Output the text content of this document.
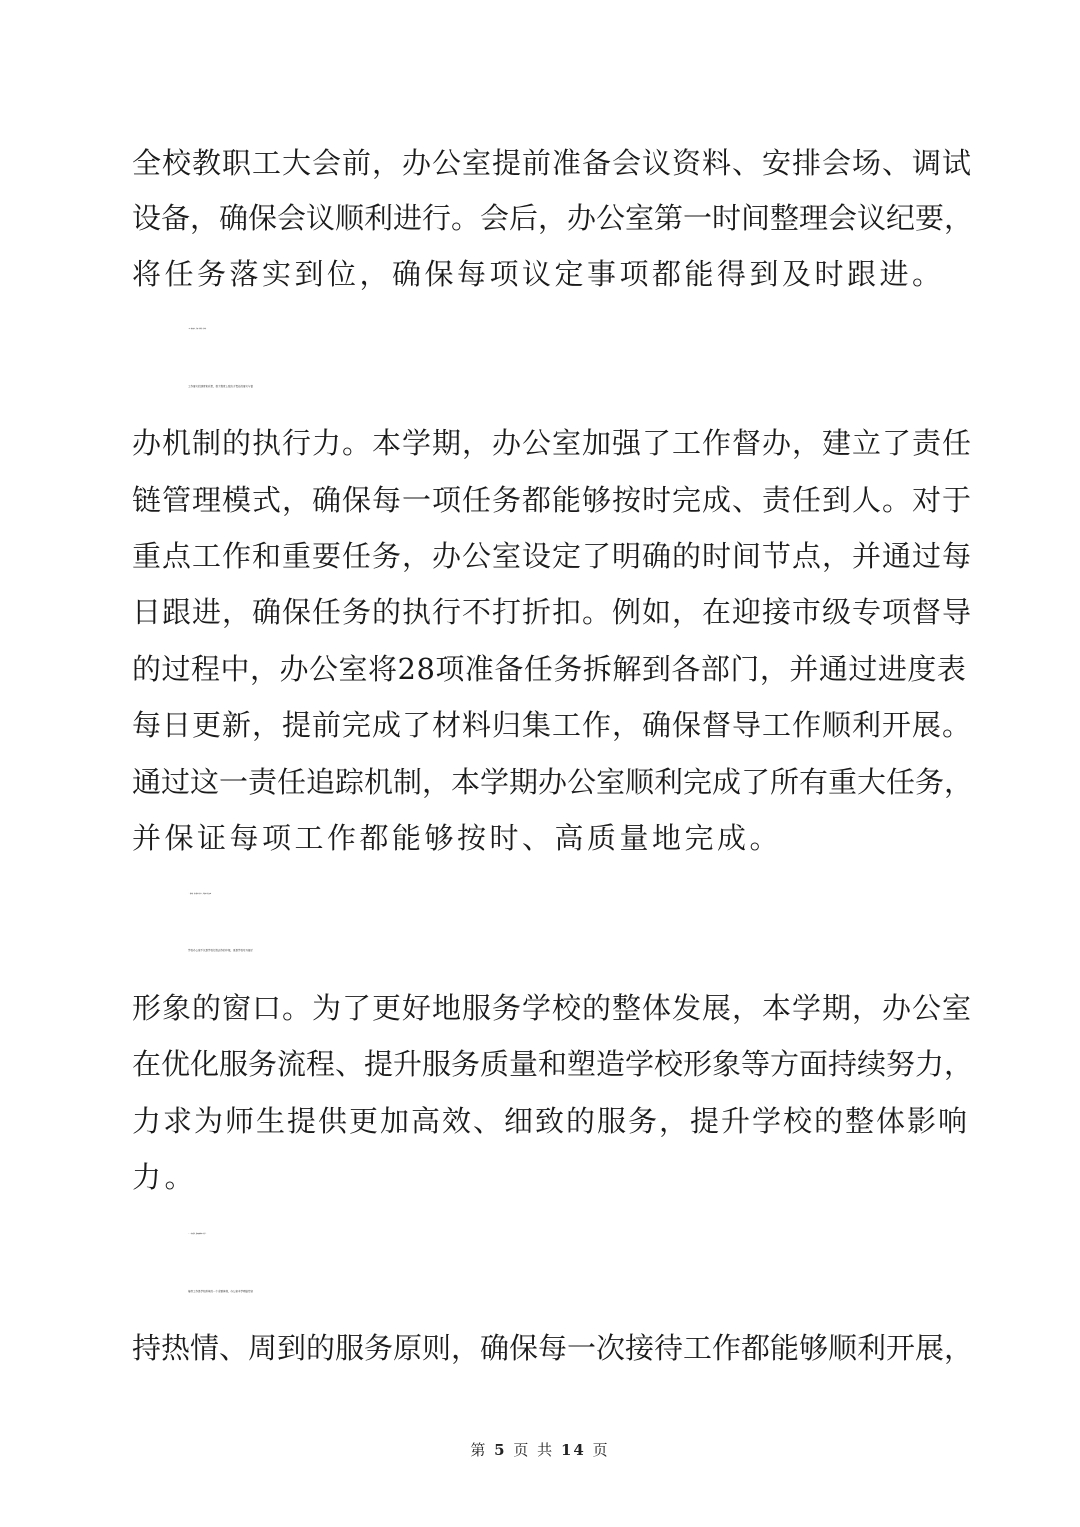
全校教职工大会前，办公室提前准备会议资料、安排会场、调试
设备，确保会议顺利进行。会后，办公室第一时间整理会议纪要，
将任务落实到位，确保每项议定事项都能得到及时跟进。
（四）强化督办，拧紧工作推进“责任链”
工作落实的速度和质量，很大程度上取决于责任的落实与督
办机制的执行力。本学期，办公室加强了工作督办，建立了责任
链管理模式，确保每一项任务都能够按时完成、责任到人。对于
重点工作和重要任务，办公室设定了明确的时间节点，并通过每
日跟进，确保任务的执行不打折扣。例如，在迎接市级专项督导
的过程中，办公室将28项准备任务拆解到各部门，并通过进度表
每日更新，提前完成了材料归集工作，确保督导工作顺利开展。
通过这一责任追踪机制，本学期办公室顺利完成了所有重大任务，
并保证每项工作都能够按时、高质量地完成。
二、服务篇：提升服务“软实力”，塑造窗口优良形象
学校办公室不仅是学校行政运作的中枢，更是学校对外展示
形象的窗口。为了更好地服务学校的整体发展，本学期，办公室
在优化服务流程、提升服务质量和塑造学校形象等方面持续努力，
力求为师生提供更加高效、细致的服务，提升学校的整体影响
力。
（一）优化接待，展现热情周到“东道主”
接待工作是学校形象的一个重要体现，办公室本学期始终坚
持热情、周到的服务原则，确保每一次接待工作都能够顺利开展，
第 5 页 共 14 页
